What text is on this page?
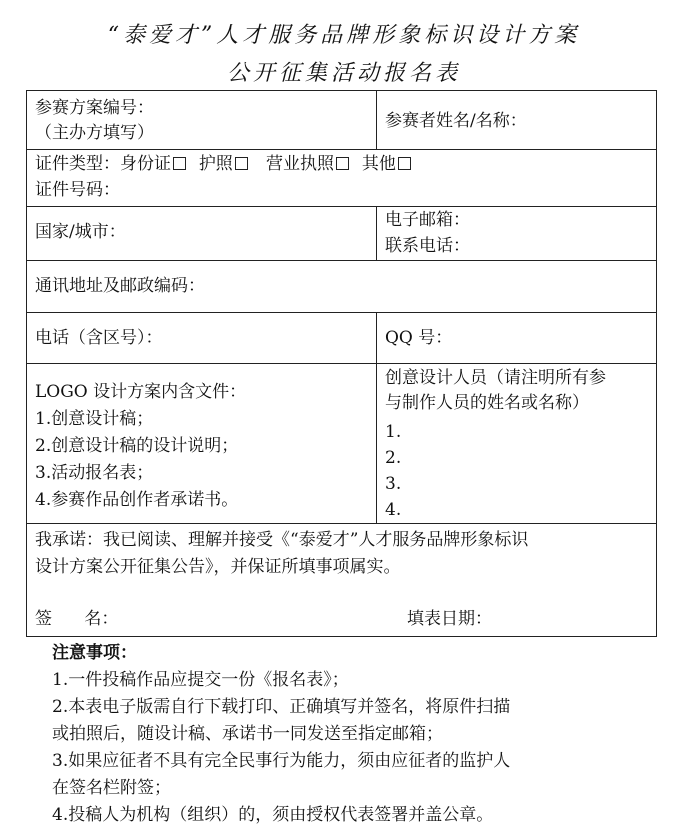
“泰爱才”人才服务品牌形象标识设计方案
公开征集活动报名表
参赛方案编号：
（主办方填写）
参赛者姓名/名称：
证件类型：身份证 护照 营业执照 其他
证件号码：
国家/城市：
电子邮箱：
联系电话：
通讯地址及邮政编码：
电话（含区号）：	QQ 号：
LOGO 设计方案内含文件：
1.创意设计稿；
2.创意设计稿的设计说明；
3.活动报名表；
4.参赛作品创作者承诺书。
创意设计人员（请注明所有参
与制作人员的姓名或名称）
1.
2.
3.
4.
我承诺：我已阅读、理解并接受《“泰爱才”人才服务品牌形象标识
设计方案公开征集公告》，并保证所填事项属实。
签      名：	填表日期：
注意事项：
1.一件投稿作品应提交一份《报名表》；
2.本表电子版需自行下载打印、正确填写并签名，将原件扫描
或拍照后，随设计稿、承诺书一同发送至指定邮箱；
3.如果应征者不具有完全民事行为能力，须由应征者的监护人
在签名栏附签；
4.投稿人为机构（组织）的，须由授权代表签署并盖公章。
